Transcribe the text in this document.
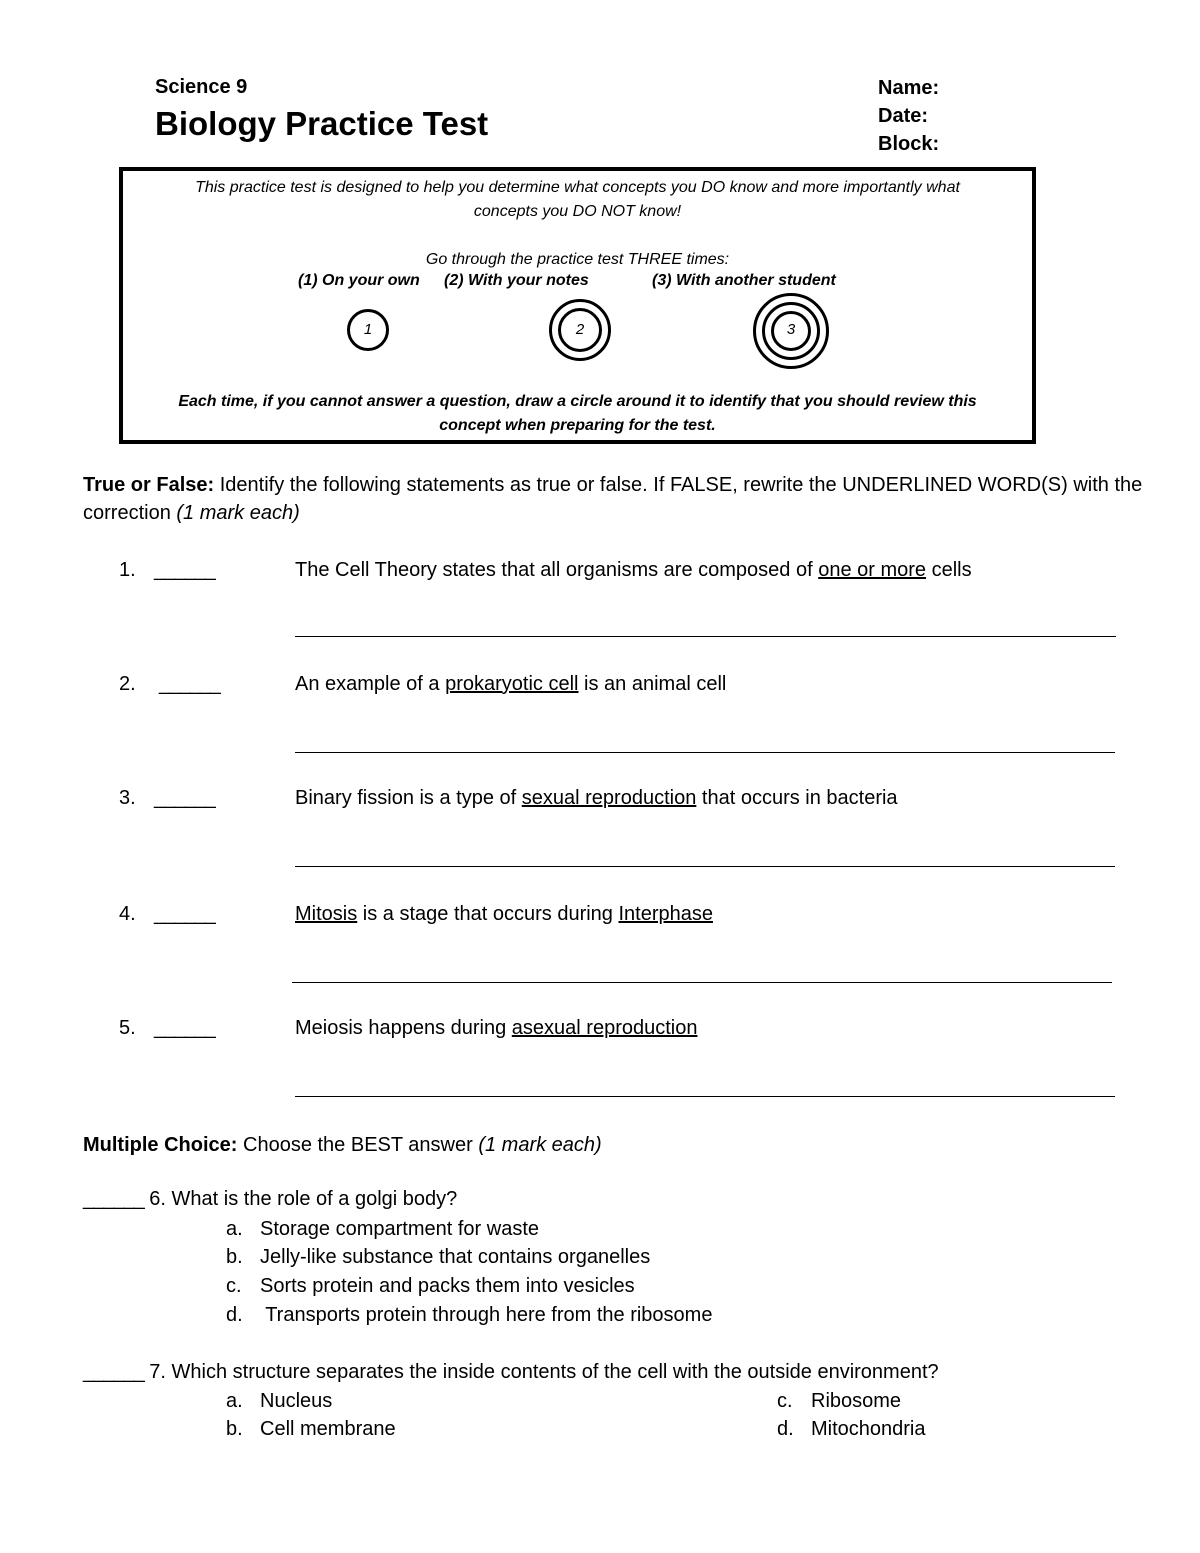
Science 9
Biology Practice Test
Name:
Date:
Block:
This practice test is designed to help you determine what concepts you DO know and more importantly what
concepts you DO NOT know!
Go through the practice test THREE times:
(1) On your own (2) With your notes	(3) With another student
1	2	3
Each time, if you cannot answer a question, draw a circle around it to identify that you should review this
concept when preparing for the test.
True or False: Identify the following statements as true or false. If FALSE, rewrite the UNDERLINED WORD(S) with the correction (1 mark each)
1. ______	The Cell Theory states that all organisms are composed of one or more cells
2. ______	An example of a prokaryotic cell is an animal cell
3. ______	Binary fission is a type of sexual reproduction that occurs in bacteria
4. ______	Mitosis is a stage that occurs during Interphase
5. ______	Meiosis happens during asexual reproduction
Multiple Choice: Choose the BEST answer (1 mark each)
______ 6. What is the role of a golgi body?
a. Storage compartment for waste
b. Jelly-like substance that contains organelles
c. Sorts protein and packs them into vesicles
d. Transports protein through here from the ribosome
______ 7. Which structure separates the inside contents of the cell with the outside environment?
a. Nucleus
b. Cell membrane
c. Ribosome
d. Mitochondria
